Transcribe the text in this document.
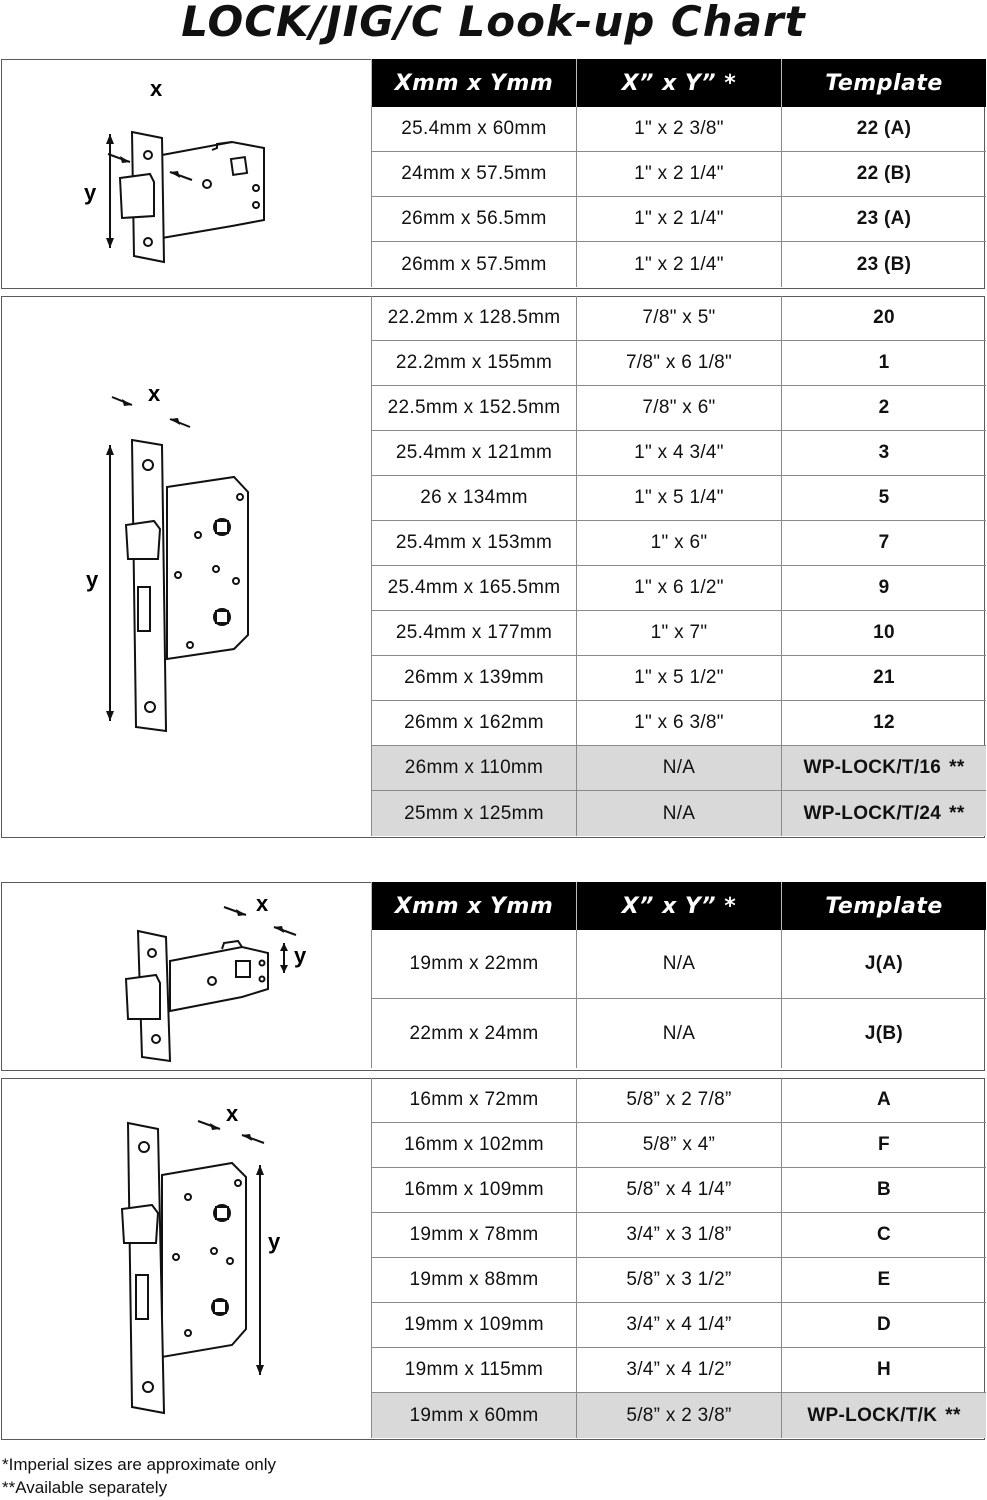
LOCK/JIG/C Look-up Chart
x
y
Xmm x Ymm	X” x Y” *	Template
25.4mm x 60mm	1" x 2 3/8"	22 (A)
24mm x 57.5mm	1" x 2 1/4"	22 (B)
26mm x 56.5mm	1" x 2 1/4"	23 (A)
26mm x 57.5mm	1" x 2 1/4"	23 (B)
x
y
22.2mm x 128.5mm	7/8" x 5"	20
22.2mm x 155mm	7/8" x 6 1/8"	1
22.5mm x 152.5mm	7/8" x 6"	2
25.4mm x 121mm	1" x 4 3/4"	3
26 x 134mm	1" x 5 1/4"	5
25.4mm x 153mm	1" x 6"	7
25.4mm x 165.5mm	1" x 6 1/2"	9
25.4mm x 177mm	1" x 7"	10
26mm x 139mm	1" x 5 1/2"	21
26mm x 162mm	1" x 6 3/8"	12
26mm x 110mm	N/A	WP-LOCK/T/16 **
25mm x 125mm	N/A	WP-LOCK/T/24 **
x
y
Xmm x Ymm	X” x Y” *	Template
19mm x 22mm	N/A	J(A)
22mm x 24mm	N/A	J(B)
x
y
16mm x 72mm	5/8” x 2 7/8”	A
16mm x 102mm	5/8” x 4”	F
16mm x 109mm	5/8” x 4 1/4”	B
19mm x 78mm	3/4” x 3 1/8”	C
19mm x 88mm	5/8” x 3 1/2”	E
19mm x 109mm	3/4” x 4 1/4”	D
19mm x 115mm	3/4” x 4 1/2”	H
19mm x 60mm	5/8” x 2 3/8”	WP-LOCK/T/K **
*Imperial sizes are approximate only
**Available separately
